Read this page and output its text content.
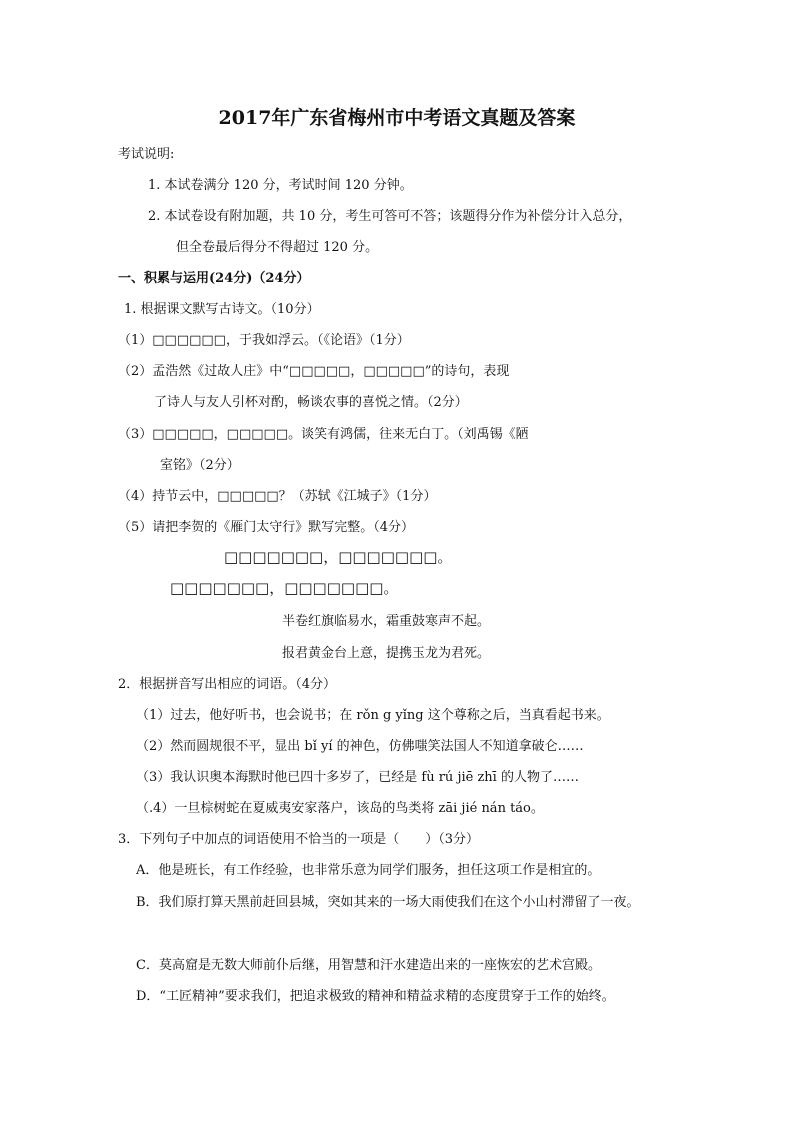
2017年广东省梅州市中考语文真题及答案
考试说明:
1. 本试卷满分 120 分，考试时间 120 分钟。
2. 本试卷设有附加题，共 10 分，考生可答可不答；该题得分作为补偿分计入总分，
但全卷最后得分不得超过 120 分。
一、积累与运用(24分)（24分）
1. 根据课文默写古诗文。（10分）
（1）□□□□□□，于我如浮云。（《论语》（1分）
（2）孟浩然《过故人庄》中“□□□□□，□□□□□”的诗句，表现
了诗人与友人引杯对酌，畅谈农事的喜悦之情。（2分）
（3）□□□□□，□□□□□。谈笑有鸿儒，往来无白丁。（刘禹锡《陋
室铭》（2分）
（4）持节云中，□□□□□？（苏轼《江城子》（1分）
（5）请把李贺的《雁门太守行》默写完整。（4分）
□□□□□□□，□□□□□□□。
□□□□□□□，□□□□□□□。
半卷红旗临易水，霜重鼓寒声不起。
报君黄金台上意，提携玉龙为君死。
2．根据拼音写出相应的词语。（4分）
（1）过去，他好听书，也会说书；在 rǒn g yǐng 这个尊称之后，当真看起书来。
（2）然而圆规很不平，显出 bǐ yí 的神色，仿佛嗤笑法国人不知道拿破仑……
（3）我认识奥本海默时他已四十多岁了，已经是 fù rú jiē zhī 的人物了……
（.4）一旦棕树蛇在夏威夷安家落户，该岛的鸟类将 zāi jié nán táo。
3．下列句子中加点的词语使用不恰当的一项是（　　）（3分）
A．他是班长，有工作经验，也非常乐意为同学们服务，担任这项工作是相宜的。
B．我们原打算天黑前赶回县城，突如其来的一场大雨使我们在这个小山村滞留了一夜。
C．莫高窟是无数大师前仆后继，用智慧和汗水建造出来的一座恢宏的艺术宫殿。
D．“工匠精神”要求我们，把追求极致的精神和精益求精的态度贯穿于工作的始终。
